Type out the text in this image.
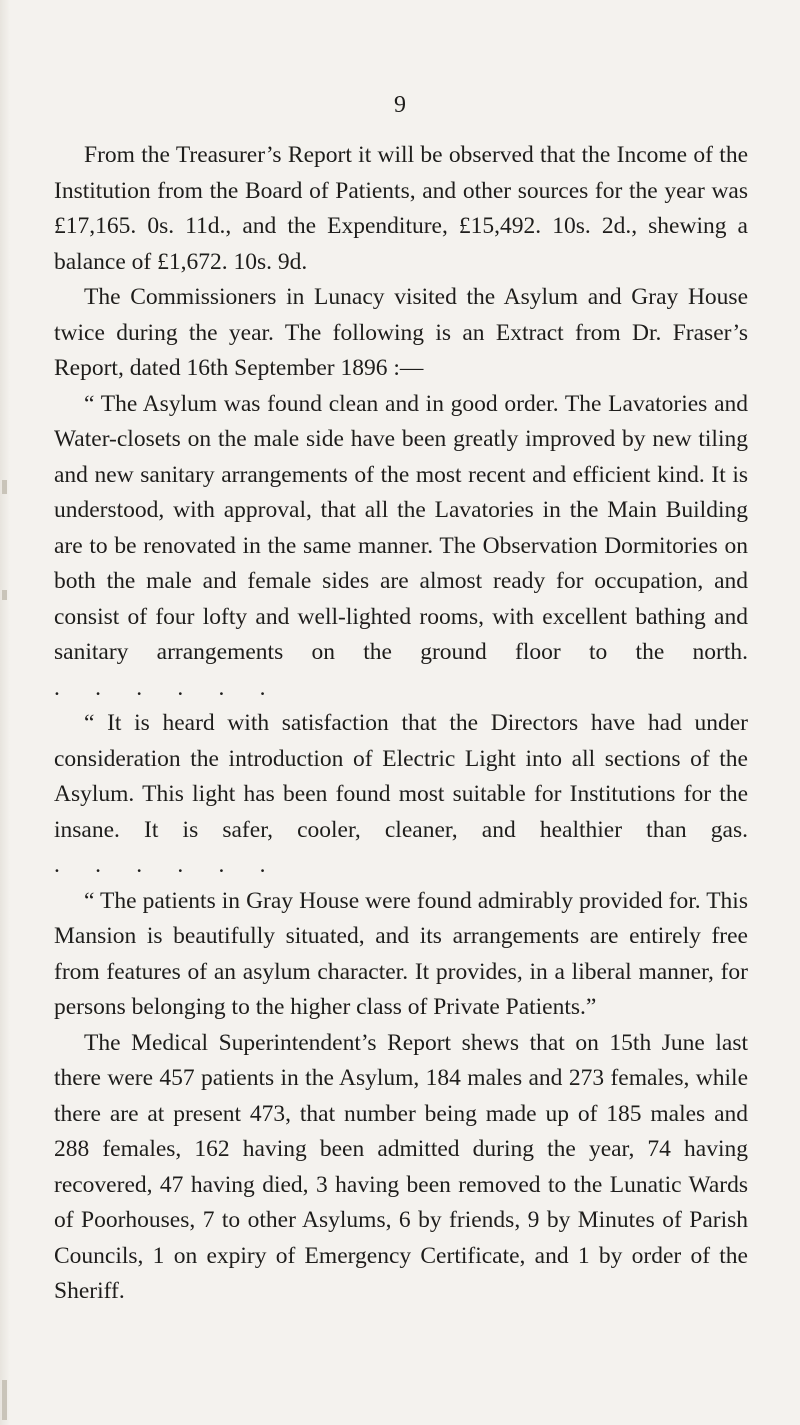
9

From the Treasurer’s Report it will be observed that the Income of the Institution from the Board of Patients, and other sources for the year was £17,165. 0s. 11d., and the Expenditure, £15,492. 10s. 2d., shewing a balance of £1,672. 10s. 9d.

The Commissioners in Lunacy visited the Asylum and Gray House twice during the year. The following is an Extract from Dr. Fraser’s Report, dated 16th September 1896 :—

“ The Asylum was found clean and in good order. The Lavatories and Water-closets on the male side have been greatly improved by new tiling and new sanitary arrangements of the most recent and efficient kind. It is understood, with approval, that all the Lavatories in the Main Building are to be renovated in the same manner. The Observation Dormitories on both the male and female sides are almost ready for occupation, and consist of four lofty and well-lighted rooms, with excellent bathing and sanitary arrangements on the ground floor to the north. .      .      .      .      .      .

“ It is heard with satisfaction that the Directors have had under consideration the introduction of Electric Light into all sections of the Asylum. This light has been found most suitable for Institutions for the insane. It is safer, cooler, cleaner, and healthier than gas. .      .      .      .      .      .

“ The patients in Gray House were found admirably provided for. This Mansion is beautifully situated, and its arrangements are entirely free from features of an asylum character. It provides, in a liberal manner, for persons belonging to the higher class of Private Patients.”

The Medical Superintendent’s Report shews that on 15th June last there were 457 patients in the Asylum, 184 males and 273 females, while there are at present 473, that number being made up of 185 males and 288 females, 162 having been admitted during the year, 74 having recovered, 47 having died, 3 having been removed to the Lunatic Wards of Poorhouses, 7 to other Asylums, 6 by friends, 9 by Minutes of Parish Councils, 1 on expiry of Emergency Certificate, and 1 by order of the Sheriff.
